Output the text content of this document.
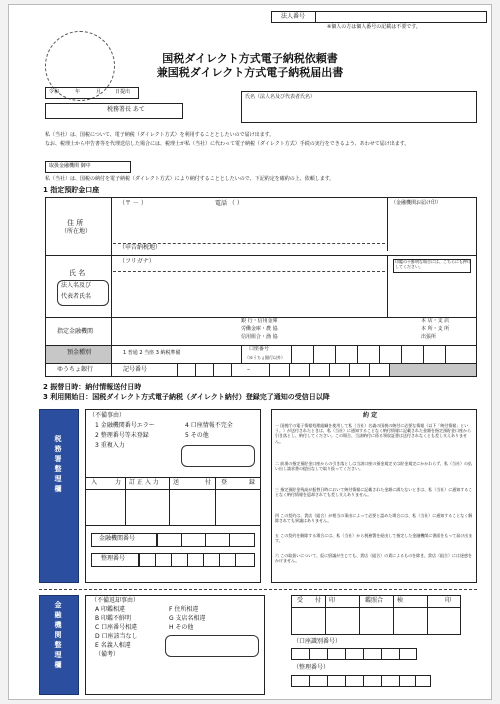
法人番号
※個人の方は個人番号の記載は不要です。
国税ダイレクト方式電子納税依頼書
兼国税ダイレクト方式電子納税届出書
令和	年	月	日提出
税務署長 あて
氏名（法人名及び代表者氏名）
私（当社）は、国税について、電子納税（ダイレクト方式）を利用することとしたいので届け出ます。
なお、税理士から申告書等を代理送信した場合には、税理士が私（当社）に代わって電子納税（ダイレクト方式）手続の実行をできるよう、あわせて届け出ます。
取扱金融機関 御中
私（当社）は、国税の納付を電子納税（ダイレクト方式）により納付することとしたいので、下記約定を確約の上、依頼します。
1 指定預貯金口座
住 所
（所在地）
（〒 － ）	電話 （ ）	（金融機関お届け印）
（申告納税地）
氏 名
法人名及び
代表者氏名
（フリガナ）	印鑑の不鮮明な場合には、こちらにも押印してください。
指定金融機関
銀 行・信用金庫
労働金庫・農 協
信用組合・漁 協
本 店・支 店
本 所・支 所
出張所
預金種別	1 普通 2 当座 3 納税準備
口座番号
（ゆうちょ銀行以外）
ゆうちょ銀行	記号番号	–
2 振替日時：納付情報送付日時
3 利用開始日：国税ダイレクト方式電子納税（ダイレクト納付）登録完了通知の受信日以降
税務署整理欄
（不備事由）
1 金融機関番号エラー
2 整理番号等未登録
3 重複入力
4 口座情報不完全
5 その他
入	力 訂 正 入 力 送	付 登	録
金融機関番号
整理番号
約 定
一 国税庁の電子情報処理組織を使用して私（当社）名義の国税の納付に必要な情報（以下「納付情報」という。）が送付されたときは、私（当社）に通知することなく納付情報に記載された金額を指定預貯金口座から引き落とし、納付してください。この場合、当該納付に係る領収証書は送付されなくとも差し支えありません。
二 前項の指定預貯金口座からの引き落としは当該口座の預金規定又は貯金規定にかかわらず、私（当社）の払い出し請求書の提出なしで取り扱ってください。
三 指定預貯金残高が振替日時において納付情報に記載された金額に満たないときは、私（当社）に通知することなく納付情報を返却されても差し支えありません。
四 この契約は、貴店（組合）が相当の事由によって必要と認めた場合には、私（当社）に通知することなく解除されても異議はありません。
五 この契約を解除する場合には、私（当社）から税務署を経由して指定した金融機関に書面をもって届け出ます。
六 この取扱いについて、仮に紛議が生じても、貴店（組合）の責によるものを除き、貴店（組合）には迷惑をかけません。
金融機関整理欄
（不備返却事由）
A 印鑑相違
B 印鑑不鮮明
C 口座番号相違
D 口座該当なし
E 名義人相違
F 住所相違
G 支店名相違
H その他
（備考）
受 付 印	鑑照合 検	印
（口座識別番号）
（整理番号）
